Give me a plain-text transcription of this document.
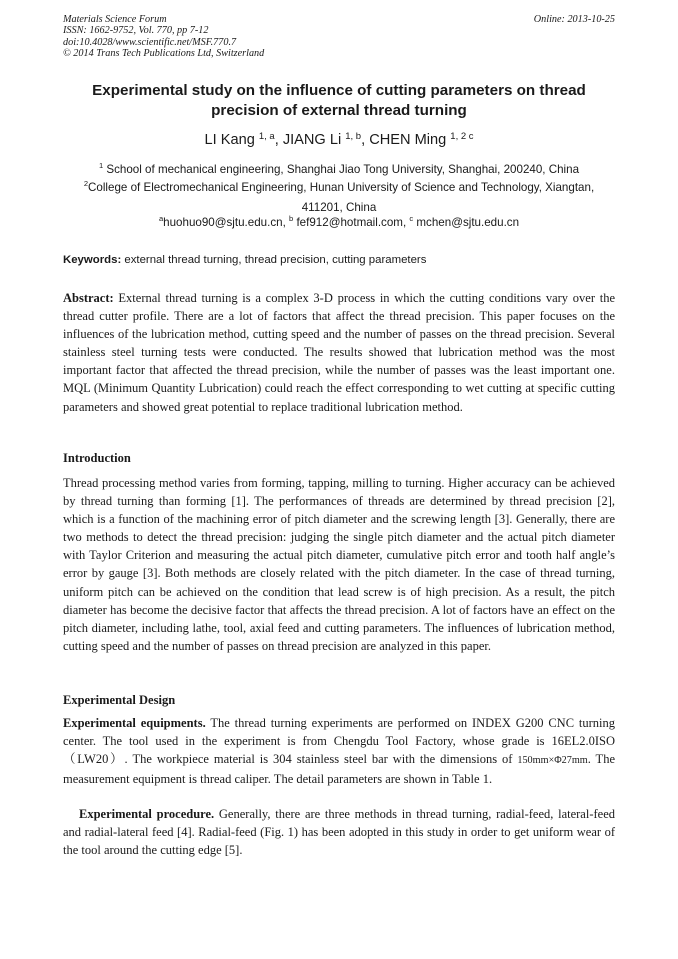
Materials Science Forum
ISSN: 1662-9752, Vol. 770, pp 7-12
doi:10.4028/www.scientific.net/MSF.770.7
© 2014 Trans Tech Publications Ltd, Switzerland
Online: 2013-10-25
Experimental study on the influence of cutting parameters on thread
precision of external thread turning
LI Kang $^{1, a}$, JIANG Li $^{1, b}$, CHEN Ming $^{1, 2 c}$
$^1$ School of mechanical engineering, Shanghai Jiao Tong University, Shanghai, 200240, China
$^2$College of Electromechanical Engineering, Hunan University of Science and Technology, Xiangtan, 411201, China
$^a$huohuo90@sjtu.edu.cn, $^b$ fef912@hotmail.com, $^c$ mchen@sjtu.edu.cn
Keywords: external thread turning, thread precision, cutting parameters
Abstract: External thread turning is a complex 3-D process in which the cutting conditions vary over the thread cutter profile. There are a lot of factors that affect the thread precision. This paper focuses on the influences of the lubrication method, cutting speed and the number of passes on the thread precision. Several stainless steel turning tests were conducted. The results showed that lubrication method was the most important factor that affected the thread precision, while the number of passes was the least important one. MQL (Minimum Quantity Lubrication) could reach the effect corresponding to wet cutting at specific cutting parameters and showed great potential to replace traditional lubrication method.
Introduction
Thread processing method varies from forming, tapping, milling to turning. Higher accuracy can be achieved by thread turning than forming [1]. The performances of threads are determined by thread precision [2], which is a function of the machining error of pitch diameter and the screwing length [3]. Generally, there are two methods to detect the thread precision: judging the single pitch diameter and the actual pitch diameter with Taylor Criterion and measuring the actual pitch diameter, cumulative pitch error and tooth half angle’s error by gauge [3]. Both methods are closely related with the pitch diameter. In the case of thread turning, uniform pitch can be achieved on the condition that lead screw is of high precision. As a result, the pitch diameter has become the decisive factor that affects the thread precision. A lot of factors have an effect on the pitch diameter, including lathe, tool, axial feed and cutting parameters. The influences of lubrication method, cutting speed and the number of passes on thread precision are analyzed in this paper.
Experimental Design
Experimental equipments. The thread turning experiments are performed on INDEX G200 CNC turning center. The tool used in the experiment is from Chengdu Tool Factory, whose grade is 16EL2.0ISO（LW20）. The workpiece material is 304 stainless steel bar with the dimensions of 150mm×Φ27mm. The measurement equipment is thread caliper. The detail parameters are shown in Table 1.
Experimental procedure. Generally, there are three methods in thread turning, radial-feed, lateral-feed and radial-lateral feed [4]. Radial-feed (Fig. 1) has been adopted in this study in order to get uniform wear of the tool around the cutting edge [5].
